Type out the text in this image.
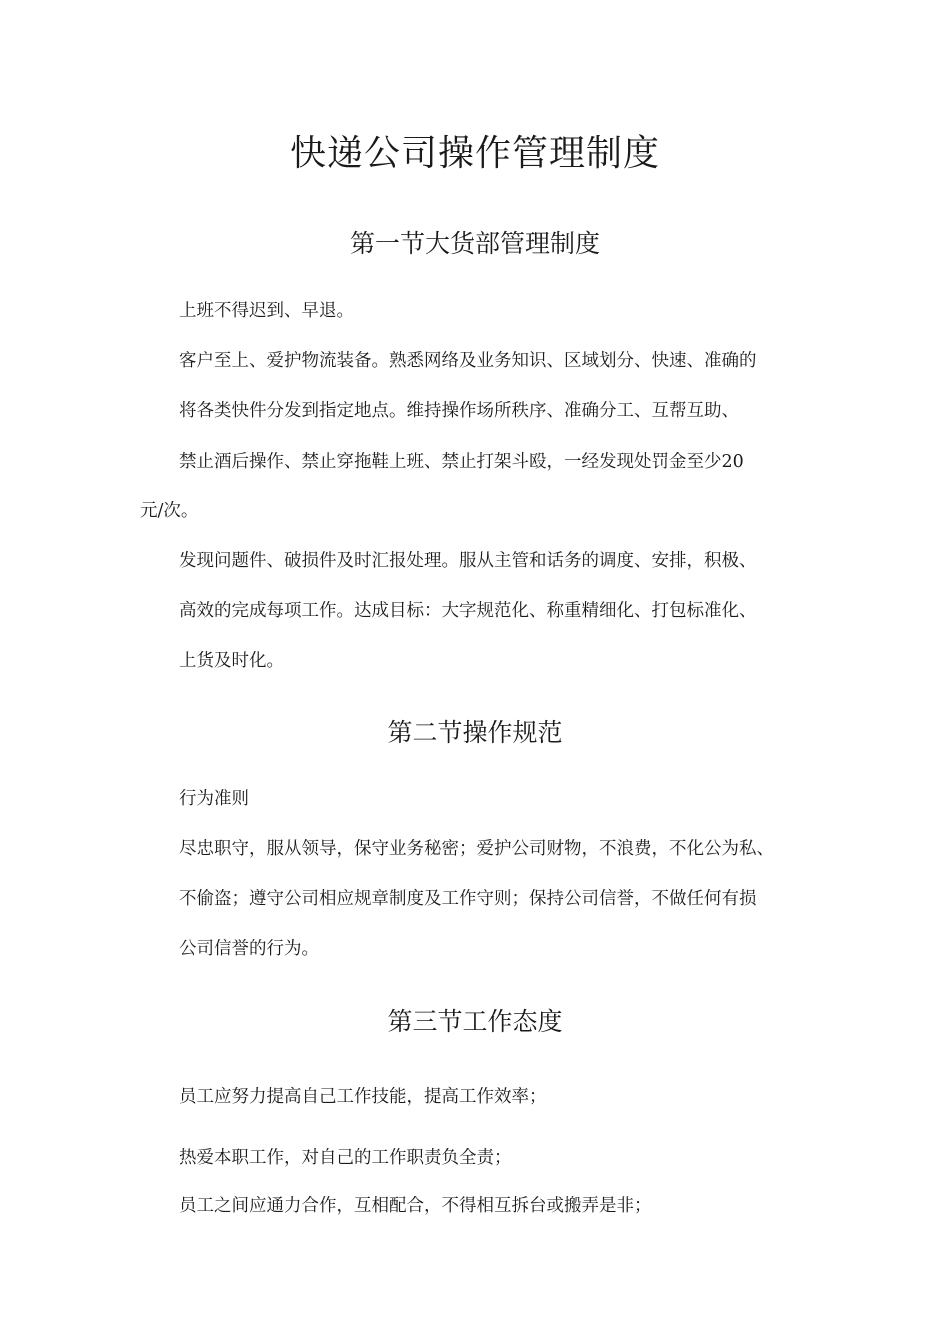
快递公司操作管理制度
第一节大货部管理制度
上班不得迟到、早退。
客户至上、爱护物流装备。熟悉网络及业务知识、区域划分、快速、准确的
将各类快件分发到指定地点。维持操作场所秩序、准确分工、互帮互助、
禁止酒后操作、禁止穿拖鞋上班、禁止打架斗殴，一经发现处罚金至少20
元/次。
发现问题件、破损件及时汇报处理。服从主管和话务的调度、安排，积极、
高效的完成每项工作。达成目标：大字规范化、称重精细化、打包标准化、
上货及时化。
第二节操作规范
行为准则
尽忠职守，服从领导，保守业务秘密；爱护公司财物，不浪费，不化公为私、
不偷盗；遵守公司相应规章制度及工作守则；保持公司信誉，不做任何有损
公司信誉的行为。
第三节工作态度
员工应努力提高自己工作技能，提高工作效率；
热爱本职工作，对自己的工作职责负全责；
员工之间应通力合作，互相配合，不得相互拆台或搬弄是非；
